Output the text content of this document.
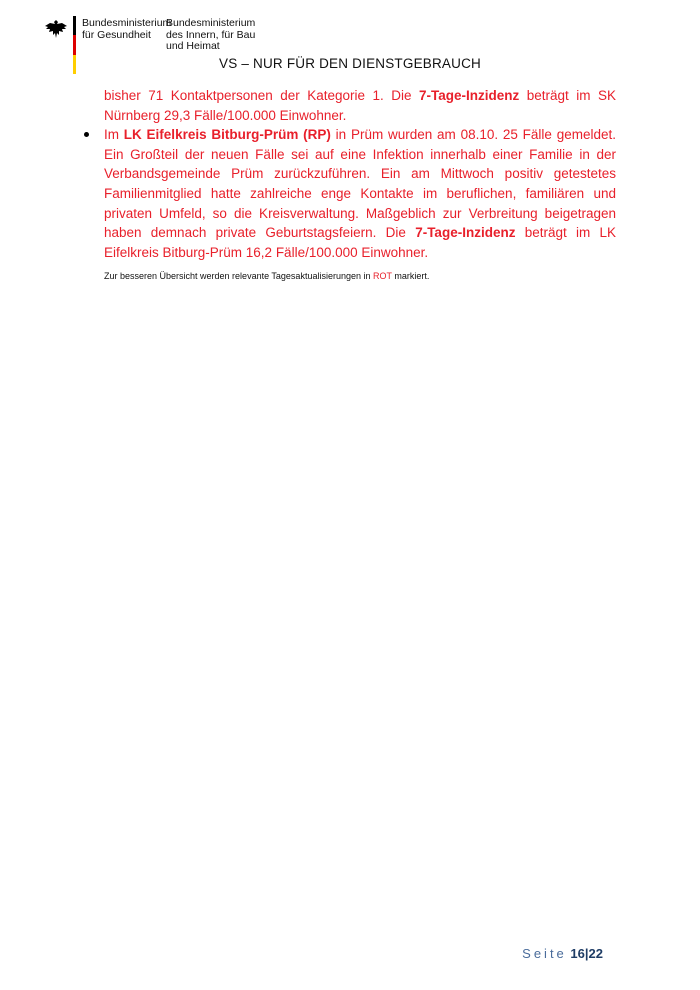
Bundesministerium
für Gesundheit
Bundesministerium
des Innern, für Bau
und Heimat
VS – NUR FÜR DEN DIENSTGEBRAUCH

bisher 71 Kontaktpersonen der Kategorie 1. Die 7-Tage-Inzidenz beträgt im SK Nürnberg 29,3 Fälle/100.000 Einwohner.

Im LK Eifelkreis Bitburg-Prüm (RP) in Prüm wurden am 08.10. 25 Fälle gemeldet. Ein Großteil der neuen Fälle sei auf eine Infektion innerhalb einer Familie in der Verbandsgemeinde Prüm zurückzuführen. Ein am Mittwoch positiv getestetes Familienmitglied hatte zahlreiche enge Kontakte im beruflichen, familiären und privaten Umfeld, so die Kreisverwaltung. Maßgeblich zur Verbreitung beigetragen haben demnach private Geburtstagsfeiern. Die 7-Tage-Inzidenz beträgt im LK Eifelkreis Bitburg-Prüm 16,2 Fälle/100.000 Einwohner.

Zur besseren Übersicht werden relevante Tagesaktualisierungen in ROT markiert.
Seite 16|22
